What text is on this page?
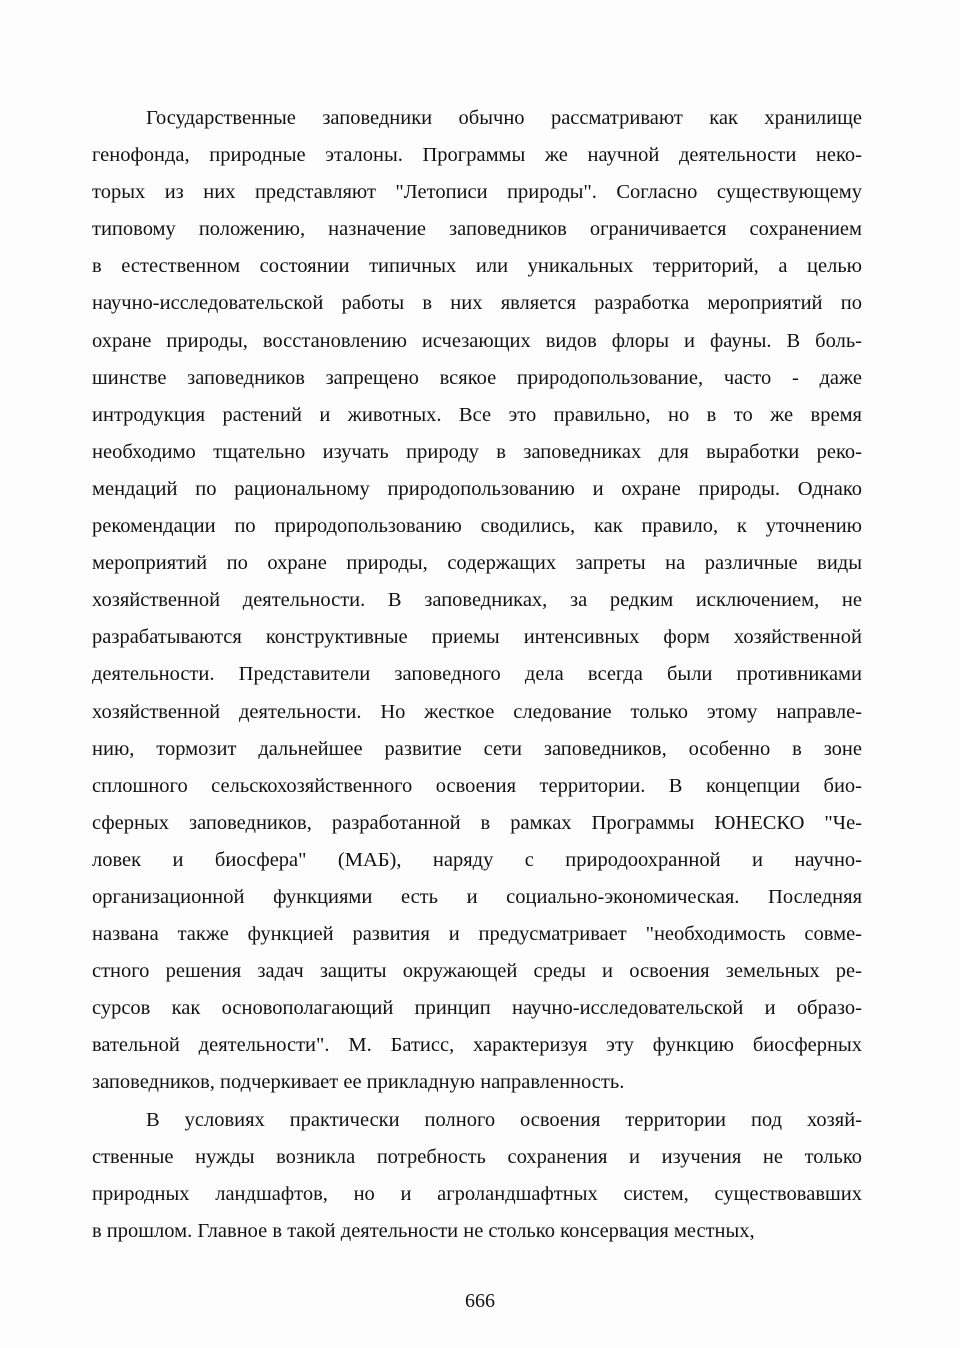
Государственные заповедники обычно рассматривают как хранилище
генофонда, природные эталоны. Программы же научной деятельности неко-
торых из них представляют "Летописи природы". Согласно существующему
типовому положению, назначение заповедников ограничивается сохранением
в естественном состоянии типичных или уникальных территорий, а целью
научно-исследовательской работы в них является разработка мероприятий по
охране природы, восстановлению исчезающих видов флоры и фауны. В боль-
шинстве заповедников запрещено всякое природопользование, часто - даже
интродукция растений и животных. Все это правильно, но в то же время
необходимо тщательно изучать природу в заповедниках для выработки реко-
мендаций по рациональному природопользованию и охране природы. Однако
рекомендации по природопользованию сводились, как правило, к уточнению
мероприятий по охране природы, содержащих запреты на различные виды
хозяйственной деятельности. В заповедниках, за редким исключением, не
разрабатываются конструктивные приемы интенсивных форм хозяйственной
деятельности. Представители заповедного дела всегда были противниками
хозяйственной деятельности. Но жесткое следование только этому направле-
нию, тормозит дальнейшее развитие сети заповедников, особенно в зоне
сплошного сельскохозяйственного освоения территории. В концепции био-
сферных заповедников, разработанной в рамках Программы ЮНЕСКО "Че-
ловек и биосфера" (МАБ), наряду с природоохранной и научно-
организационной функциями есть и социально-экономическая. Последняя
названа также функцией развития и предусматривает "необходимость совме-
стного решения задач защиты окружающей среды и освоения земельных ре-
сурсов как основополагающий принцип научно-исследовательской и образо-
вательной деятельности". М. Батисс, характеризуя эту функцию биосферных
заповедников, подчеркивает ее прикладную направленность.
В условиях практически полного освоения территории под хозяй-
ственные нужды возникла потребность сохранения и изучения не только
природных ландшафтов, но и агроландшафтных систем, существовавших
в прошлом. Главное в такой деятельности не столько консервация местных,
666
